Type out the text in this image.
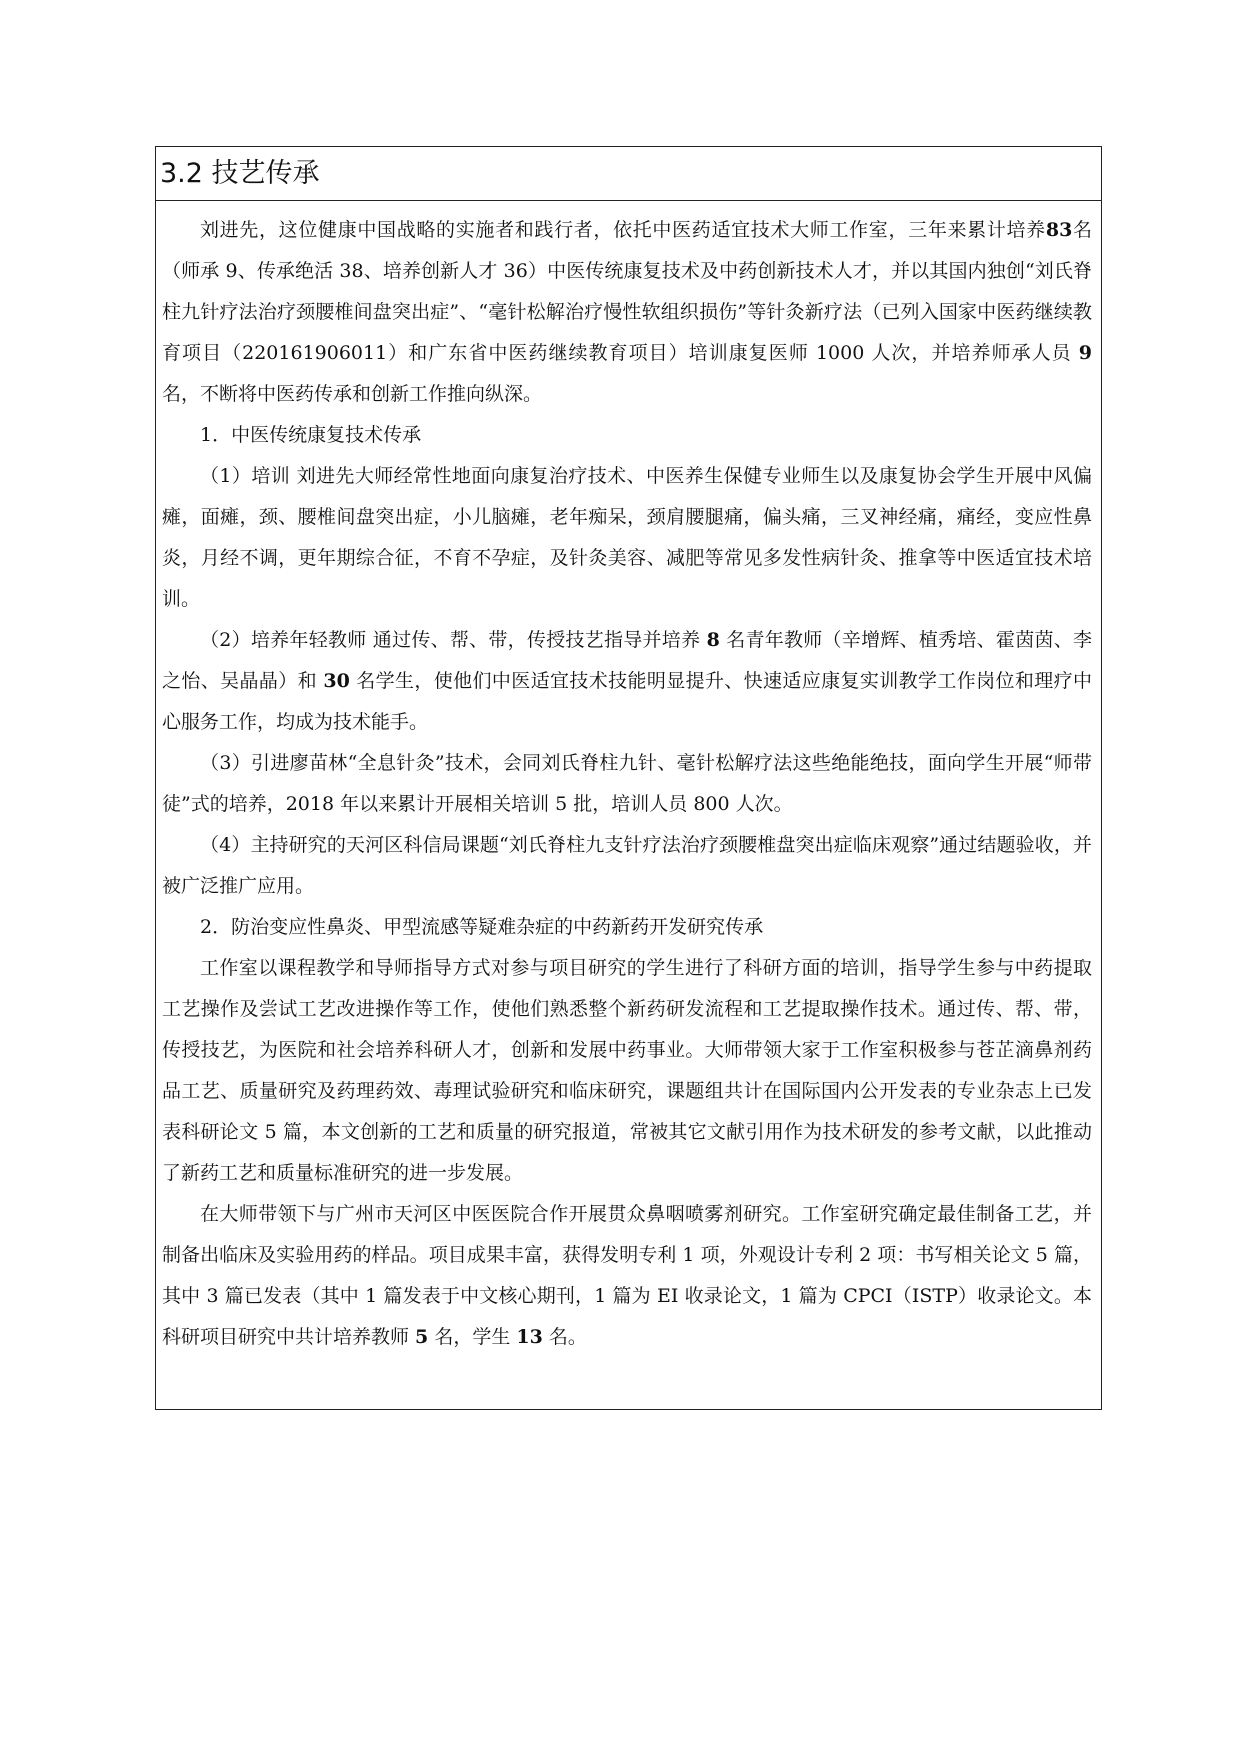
3.2 技艺传承

刘进先，这位健康中国战略的实施者和践行者，依托中医药适宜技术大师工作室，三年来累计培养83名（师承 9、传承绝活 38、培养创新人才 36）中医传统康复技术及中药创新技术人才，并以其国内独创“刘氏脊柱九针疗法治疗颈腰椎间盘突出症”、“毫针松解治疗慢性软组织损伤”等针灸新疗法（已列入国家中医药继续教育项目（220161906011）和广东省中医药继续教育项目）培训康复医师 1000 人次，并培养师承人员 9 名，不断将中医药传承和创新工作推向纵深。

1．中医传统康复技术传承

（1）培训 刘进先大师经常性地面向康复治疗技术、中医养生保健专业师生以及康复协会学生开展中风偏瘫，面瘫，颈、腰椎间盘突出症，小儿脑瘫，老年痴呆，颈肩腰腿痛，偏头痛，三叉神经痛，痛经，变应性鼻炎，月经不调，更年期综合征，不育不孕症，及针灸美容、减肥等常见多发性病针灸、推拿等中医适宜技术培训。

（2）培养年轻教师 通过传、帮、带，传授技艺指导并培养 8 名青年教师（辛增辉、植秀培、霍茵茵、李之怡、吴晶晶）和 30 名学生，使他们中医适宜技术技能明显提升、快速适应康复实训教学工作岗位和理疗中心服务工作，均成为技术能手。

（3）引进廖苗林“全息针灸”技术，会同刘氏脊柱九针、毫针松解疗法这些绝能绝技，面向学生开展“师带徒”式的培养，2018 年以来累计开展相关培训 5 批，培训人员 800 人次。

（4）主持研究的天河区科信局课题“刘氏脊柱九支针疗法治疗颈腰椎盘突出症临床观察”通过结题验收，并被广泛推广应用。

2．防治变应性鼻炎、甲型流感等疑难杂症的中药新药开发研究传承

工作室以课程教学和导师指导方式对参与项目研究的学生进行了科研方面的培训，指导学生参与中药提取工艺操作及尝试工艺改进操作等工作，使他们熟悉整个新药研发流程和工艺提取操作技术。通过传、帮、带，传授技艺，为医院和社会培养科研人才，创新和发展中药事业。大师带领大家于工作室积极参与苍芷滴鼻剂药品工艺、质量研究及药理药效、毒理试验研究和临床研究，课题组共计在国际国内公开发表的专业杂志上已发表科研论文 5 篇，本文创新的工艺和质量的研究报道，常被其它文献引用作为技术研发的参考文献，以此推动了新药工艺和质量标准研究的进一步发展。

在大师带领下与广州市天河区中医医院合作开展贯众鼻咽喷雾剂研究。工作室研究确定最佳制备工艺，并制备出临床及实验用药的样品。项目成果丰富，获得发明专利 1 项，外观设计专利 2 项：书写相关论文 5 篇，其中 3 篇已发表（其中 1 篇发表于中文核心期刊，1 篇为 EI 收录论文，1 篇为 CPCI（ISTP）收录论文。本科研项目研究中共计培养教师 5 名，学生 13 名。
